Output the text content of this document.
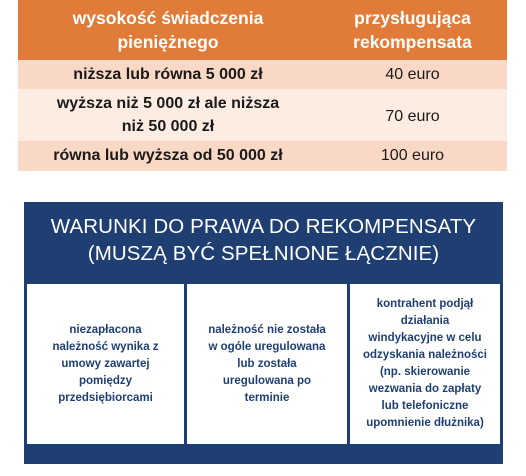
wysokość świadczenia
pieniężnego
przysługująca
rekompensata
niższa lub równa 5 000 zł	40 euro
wyższa niż 5 000 zł ale niższa
niż 50 000 zł
70 euro
równa lub wyższa od 50 000 zł	100 euro
WARUNKI DO PRAWA DO REKOMPENSATY
(MUSZĄ BYĆ SPEŁNIONE ŁĄCZNIE)
niezapłacona
należność wynika z
umowy zawartej
pomiędzy
przedsiębiorcami
należność nie została
w ogóle uregulowana
lub została
uregulowana po
terminie
kontrahent podjął
działania
windykacyjne w celu
odzyskania należności
(np. skierowanie
wezwania do zapłaty
lub telefoniczne
upomnienie dłużnika)
